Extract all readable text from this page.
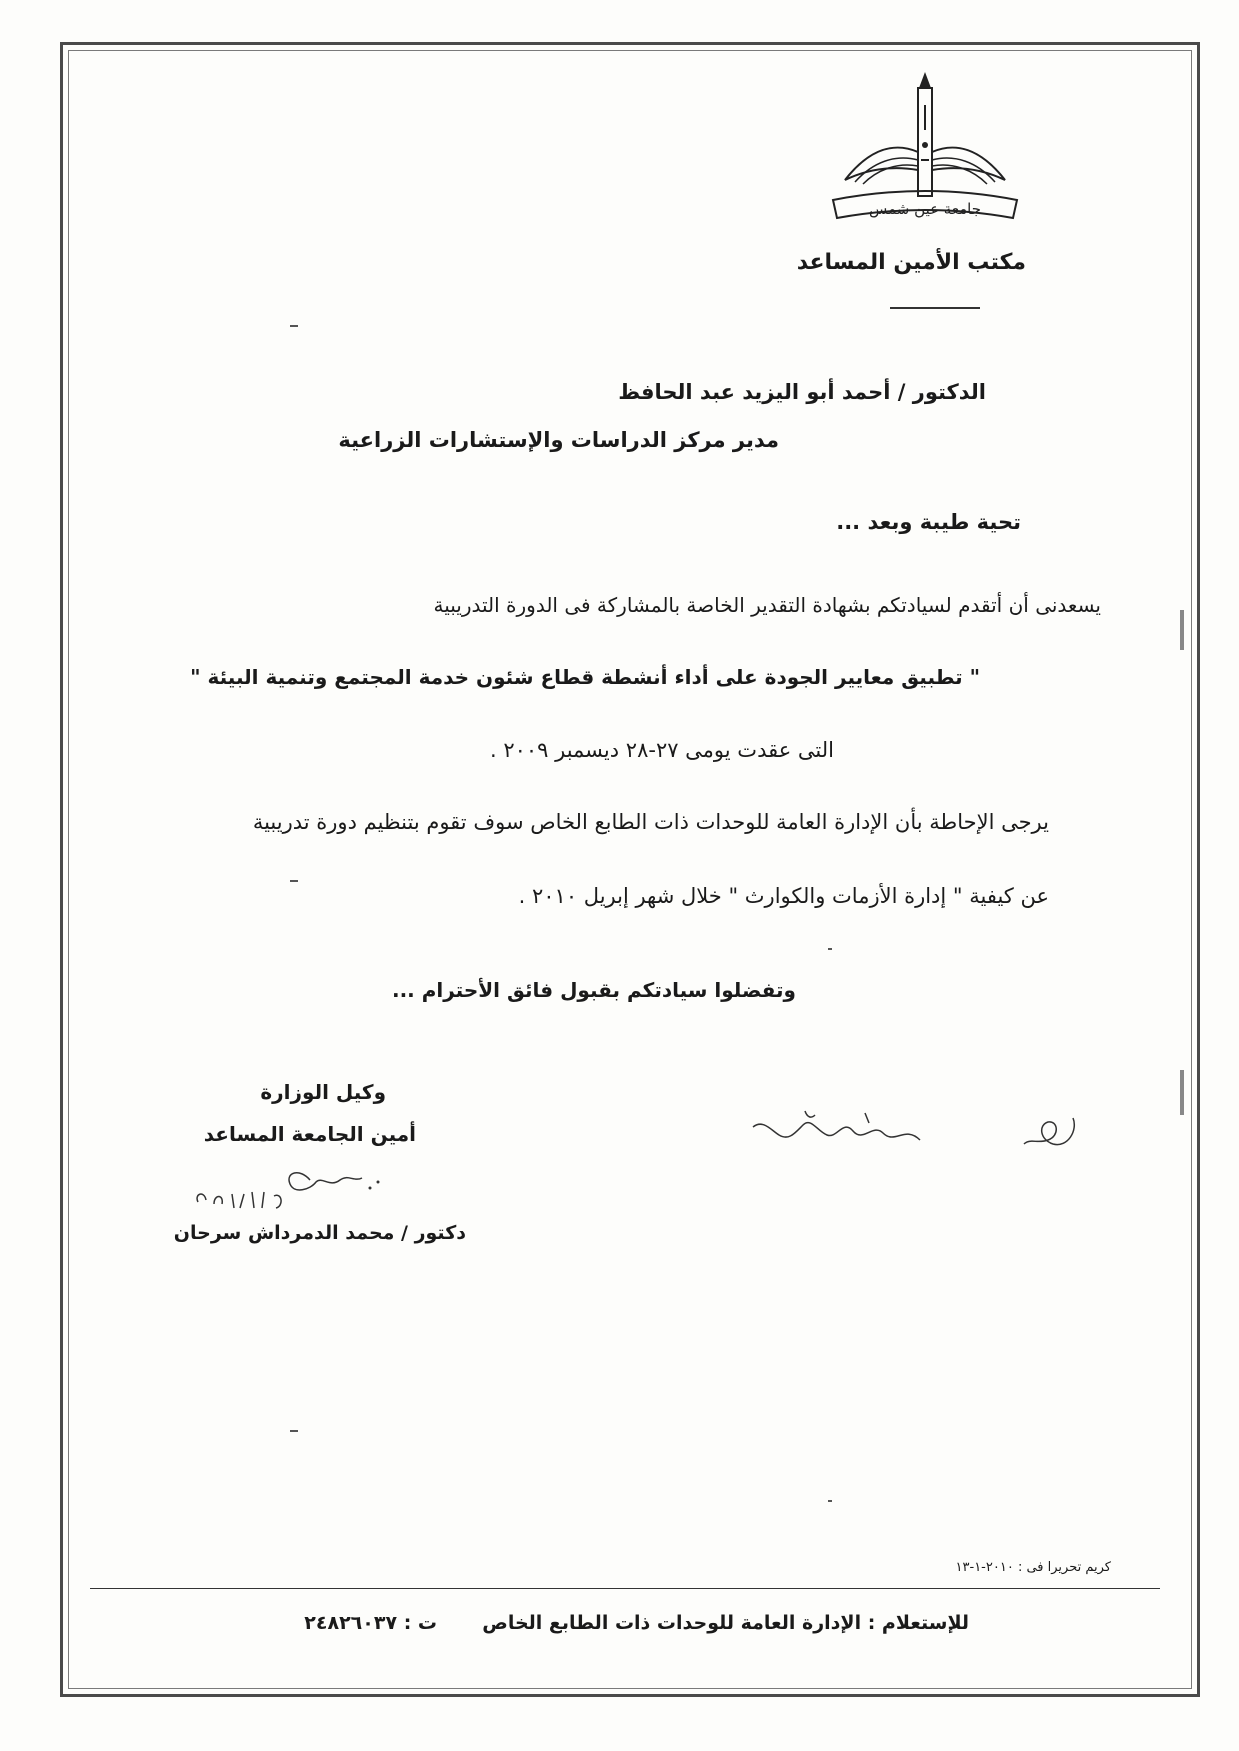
جامعة عين شمس
مكتب الأمين المساعد
الدكتور / أحمد أبو اليزيد عبد الحافظ
مدير مركز الدراسات والإستشارات الزراعية
تحية طيبة وبعد ...
يسعدنى أن أتقدم لسيادتكم بشهادة التقدير الخاصة بالمشاركة فى الدورة التدريبية
" تطبيق معايير الجودة على أداء أنشطة قطاع شئون خدمة المجتمع وتنمية البيئة "
التى عقدت يومى ٢٧-٢٨ ديسمبر ٢٠٠٩ .
يرجى الإحاطة بأن الإدارة العامة للوحدات ذات الطابع الخاص سوف تقوم بتنظيم دورة تدريبية
عن كيفية " إدارة الأزمات والكوارث " خلال شهر إبريل ٢٠١٠ .
وتفضلوا سيادتكم بقبول فائق الأحترام ...
وكيل الوزارة
أمين الجامعة المساعد
دكتور / محمد الدمرداش سرحان
كريم تحريرا فى : ٢٠١٠-١-١٣
للإستعلام : الإدارة العامة للوحدات ذات الطابع الخاص
ت : ٢٤٨٢٦٠٣٧
